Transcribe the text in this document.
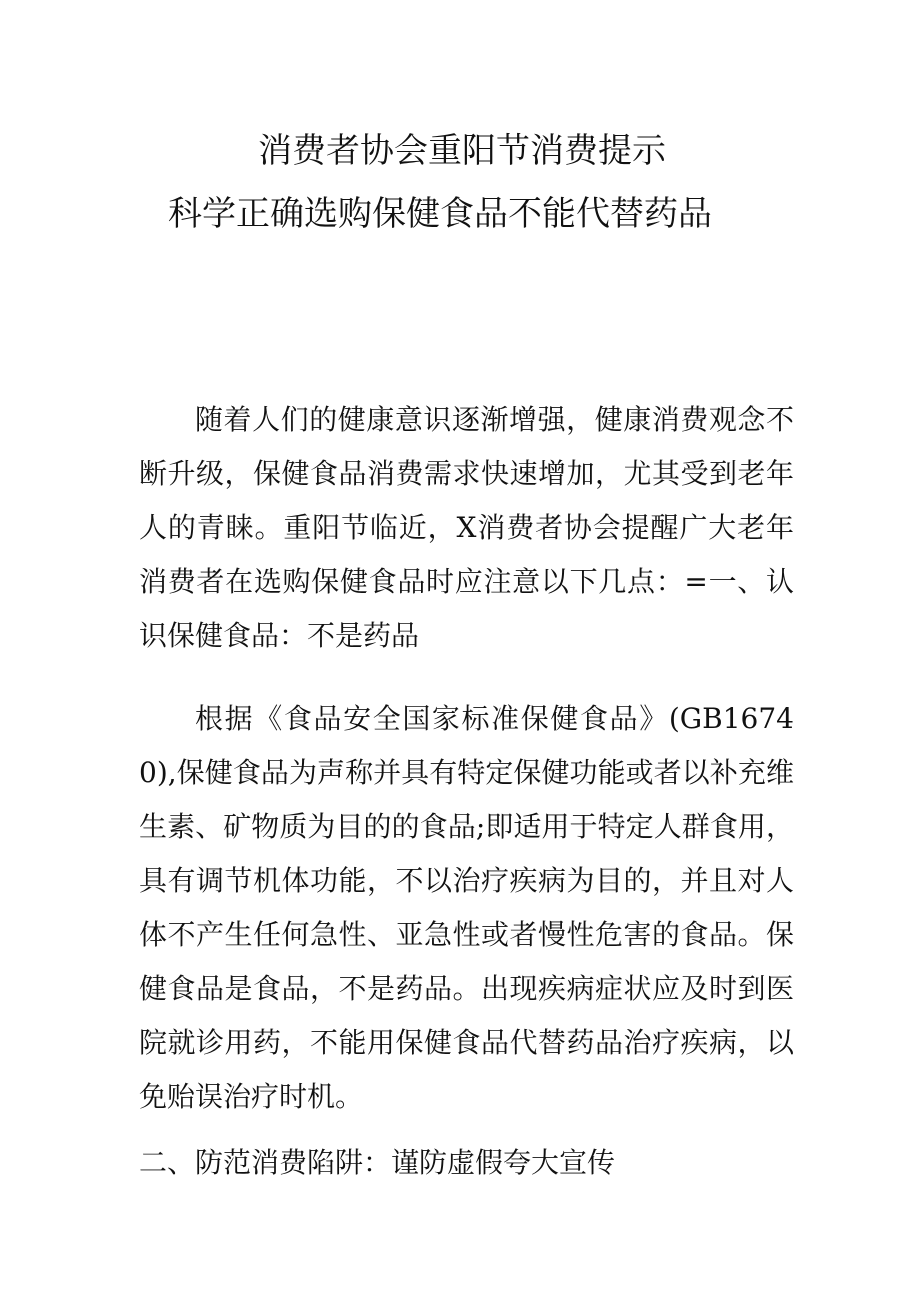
消费者协会重阳节消费提示
科学正确选购保健食品不能代替药品

随着人们的健康意识逐渐增强，健康消费观念不断升级，保健食品消费需求快速增加，尤其受到老年人的青睐。重阳节临近，X消费者协会提醒广大老年消费者在选购保健食品时应注意以下几点：=一、认识保健食品：不是药品

根据《食品安全国家标准保健食品》(GB16740),保健食品为声称并具有特定保健功能或者以补充维生素、矿物质为目的的食品;即适用于特定人群食用，具有调节机体功能，不以治疗疾病为目的，并且对人体不产生任何急性、亚急性或者慢性危害的食品。保健食品是食品，不是药品。出现疾病症状应及时到医院就诊用药，不能用保健食品代替药品治疗疾病，以免贻误治疗时机。

二、防范消费陷阱：谨防虚假夸大宣传
